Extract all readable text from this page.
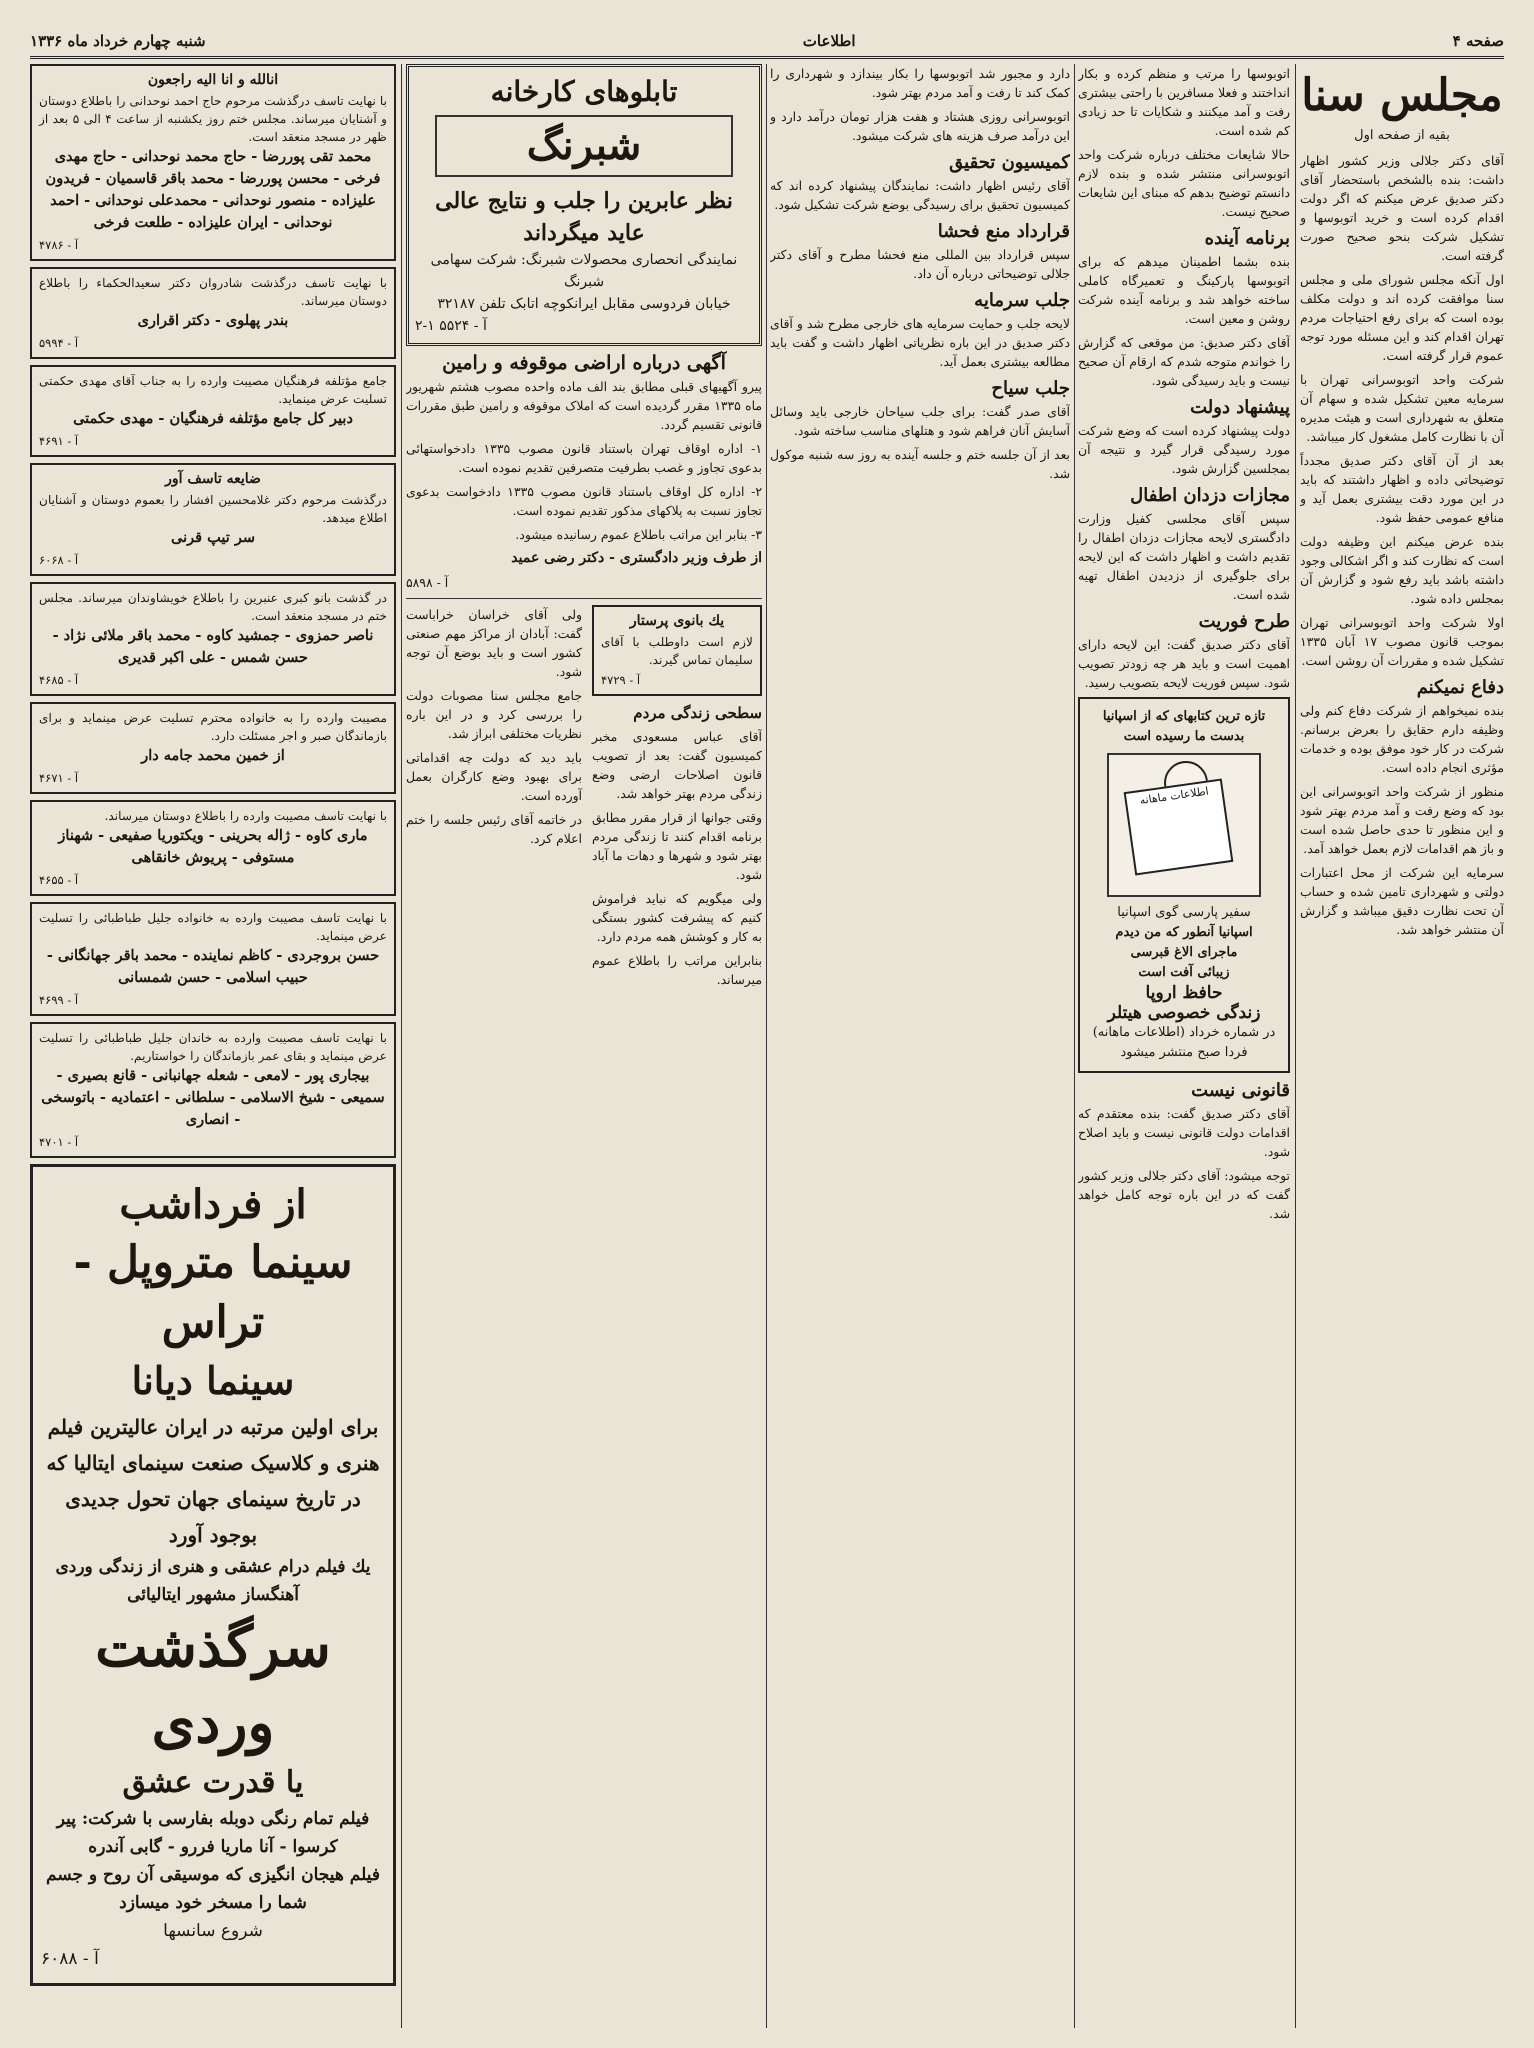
صفحه ۴
اطلاعات
شنبه چهارم خرداد ماه ۱۳۳۶
مجلس سنا
بقیه از صفحه اول

آقای دکتر جلالی وزیر کشور اظهار داشت: بنده بالشخص باستحضار آقای دکتر صدیق عرض میکنم که اگر دولت اقدام کرده است و خرید اتوبوسها و تشکیل شرکت بنحو صحیح صورت گرفته است.

اول آنکه مجلس شورای ملی و مجلس سنا موافقت کرده اند و دولت مکلف بوده است که برای رفع احتیاجات مردم تهران اقدام کند و این مسئله مورد توجه عموم قرار گرفته است.

شرکت واحد اتوبوسرانی تهران با سرمایه معین تشکیل شده و سهام آن متعلق به شهرداری است و هیئت مدیره آن با نظارت کامل مشغول کار میباشد.

بعد از آن آقای دکتر صدیق مجدداً توضیحاتی داده و اظهار داشتند که باید در این مورد دقت بیشتری بعمل آید و منافع عمومی حفظ شود.

بنده عرض میکنم این وظیفه دولت است که نظارت کند و اگر اشکالی وجود داشته باشد باید رفع شود و گزارش آن بمجلس داده شود.

اولا شرکت واحد اتوبوسرانی تهران بموجب قانون مصوب ۱۷ آبان ۱۳۳۵ تشکیل شده و مقررات آن روشن است.

دفاع نمیکنم

بنده نمیخواهم از شرکت دفاع کنم ولی وظیفه دارم حقایق را بعرض برسانم. شرکت در کار خود موفق بوده و خدمات مؤثری انجام داده است.

منظور از شرکت واحد اتوبوسرانی این بود که وضع رفت و آمد مردم بهتر شود و این منظور تا حدی حاصل شده است و باز هم اقدامات لازم بعمل خواهد آمد.

سرمایه این شرکت از محل اعتبارات دولتی و شهرداری تامین شده و حساب آن تحت نظارت دقیق میباشد و گزارش آن منتشر خواهد شد.

اتوبوسها را مرتب و منظم کرده و بکار انداختند و فعلا مسافرین با راحتی بیشتری رفت و آمد میکنند و شکایات تا حد زیادی کم شده است.

حالا شایعات مختلف درباره شرکت واحد اتوبوسرانی منتشر شده و بنده لازم دانستم توضیح بدهم که مبنای این شایعات صحیح نیست.

برنامه آینده

بنده بشما اطمینان میدهم که برای اتوبوسها پارکینگ و تعمیرگاه کاملی ساخته خواهد شد و برنامه آینده شرکت روشن و معین است.

آقای دکتر صدیق: من موقعی که گزارش را خواندم متوجه شدم که ارقام آن صحیح نیست و باید رسیدگی شود.

پیشنهاد دولت

دولت پیشنهاد کرده است که وضع شرکت مورد رسیدگی قرار گیرد و نتیجه آن بمجلسین گزارش شود.

مجازات دزدان اطفال

سپس آقای مجلسی کفیل وزارت دادگستری لایحه مجازات دزدان اطفال را تقدیم داشت و اظهار داشت که این لایحه برای جلوگیری از دزدیدن اطفال تهیه شده است.

طرح فوریت

آقای دکتر صدیق گفت: این لایحه دارای اهمیت است و باید هر چه زودتر تصویب شود. سپس فوریت لایحه بتصویب رسید.

تازه ترین کتابهای که از اسپانیا بدست ما رسیده است
اطلاعات ماهانه
سفیر پارسی گوی اسپانیا
اسپانیا آنطور که من دیدم
ماجرای الاغ قبرسی
زیبائی آفت است
حافظ اروپا
زندگی خصوصی هیتلر
در شماره خرداد (اطلاعات ماهانه) فردا صبح منتشر میشود
قانونی نیست

آقای دکتر صدیق گفت: بنده معتقدم که اقدامات دولت قانونی نیست و باید اصلاح شود.

توجه میشود: آقای دکتر جلالی وزیر کشور گفت که در این باره توجه کامل خواهد شد.

دارد و مجبور شد اتوبوسها را بکار بیندازد و شهرداری را کمک کند تا رفت و آمد مردم بهتر شود.

اتوبوسرانی روزی هشتاد و هفت هزار تومان درآمد دارد و این درآمد صرف هزینه های شرکت میشود.

کمیسیون تحقیق

آقای رئیس اظهار داشت: نمایندگان پیشنهاد کرده اند که کمیسیون تحقیق برای رسیدگی بوضع شرکت تشکیل شود.

قرارداد منع فحشا

سپس قرارداد بین المللی منع فحشا مطرح و آقای دکتر جلالی توضیحاتی درباره آن داد.

جلب سرمایه

لایحه جلب و حمایت سرمایه های خارجی مطرح شد و آقای دکتر صدیق در این باره نظریاتی اظهار داشت و گفت باید مطالعه بیشتری بعمل آید.

جلب سیاح

آقای صدر گفت: برای جلب سیاحان خارجی باید وسائل آسایش آنان فراهم شود و هتلهای مناسب ساخته شود.

بعد از آن جلسه ختم و جلسه آینده به روز سه شنبه موکول شد.

تابلوهای کارخانه
شبرنگ
نظر عابرین را جلب و نتایج عالی عاید میگرداند
نمایندگی انحصاری محصولات شبرنگ: شرکت سهامی شبرنگ
خیابان فردوسی مقابل ایرانکوچه اتابک تلفن ۳۲۱۸۷
آ - ۵۵۲۴ ۱-۲
آگهی درباره اراضی موقوفه و رامین

پیرو آگهیهای قبلی مطابق بند الف ماده واحده مصوب هشتم شهریور ماه ۱۳۳۵ مقرر گردیده است که املاک موقوفه و رامین طبق مقررات قانونی تقسیم گردد.

۱- اداره اوقاف تهران باستناد قانون مصوب ۱۳۳۵ دادخواستهائی بدعوی تجاوز و غصب بطرفیت متصرفین تقدیم نموده است.

۲- اداره کل اوقاف باستناد قانون مصوب ۱۳۳۵ دادخواست بدعوی تجاوز نسبت به پلاکهای مذکور تقدیم نموده است.

۳- بنابر این مراتب باطلاع عموم رسانیده میشود.

از طرف وزیر دادگستری - دکتر رضی عمید

آ - ۵۸۹۸

یك بانوی پرستار
لازم است داوطلب با آقای سلیمان تماس گیرند.
آ - ۴۷۲۹
سطحی زندگی مردم

آقای عباس مسعودی مخبر کمیسیون گفت: بعد از تصویب قانون اصلاحات ارضی وضع زندگی مردم بهتر خواهد شد.

وقتی جوانها از قرار مقرر مطابق برنامه اقدام کنند تا زندگی مردم بهتر شود و شهرها و دهات ما آباد شود.

ولی میگویم که نباید فراموش کنیم که پیشرفت کشور بستگی به کار و کوشش همه مردم دارد.

بنابراین مراتب را باطلاع عموم میرساند.

ولی آقای خراسان خراباست گفت: آبادان از مراکز مهم صنعتی کشور است و باید بوضع آن توجه شود.

جامع مجلس سنا مصوبات دولت را بررسی کرد و در این باره نظریات مختلفی ابراز شد.

باید دید که دولت چه اقداماتی برای بهبود وضع کارگران بعمل آورده است.

در خاتمه آقای رئیس جلسه را ختم اعلام کرد.

انالله و انا الیه راجعون
با نهایت تاسف درگذشت مرحوم حاج احمد نوحدانی را باطلاع دوستان و آشنایان میرساند. مجلس ختم روز یکشنبه از ساعت ۴ الی ۵ بعد از ظهر در مسجد منعقد است.
محمد تقی پوررضا - حاج محمد نوحدانی - حاج مهدی فرخی - محسن پوررضا - محمد باقر قاسمیان - فریدون علیزاده - منصور نوحدانی - محمدعلی نوحدانی - احمد نوحدانی - ایران علیزاده - طلعت فرخی
آ - ۴۷۸۶
با نهایت تاسف درگذشت شادروان دکتر سعیدالحکماء را باطلاع دوستان میرساند.
بندر پهلوی - دکتر اقراری
آ - ۵۹۹۴
جامع مؤتلفه فرهنگیان مصیبت وارده را به جناب آقای مهدی حکمتی تسلیت عرض مینماید.
دبیر کل جامع مؤتلفه فرهنگیان - مهدی حکمتی
آ - ۴۶۹۱
ضایعه تاسف آور
درگذشت مرحوم دکتر غلامحسین افشار را بعموم دوستان و آشنایان اطلاع میدهد.
سر تیپ قرنی
آ - ۶۰۶۸
در گذشت بانو کبری عنبرین را باطلاع خویشاوندان میرساند. مجلس ختم در مسجد منعقد است.
ناصر حمزوی - جمشید کاوه - محمد باقر ملائی نژاد - حسن شمس - علی اکبر قدیری
آ - ۴۶۸۵
مصیبت وارده را به خانواده محترم تسلیت عرض مینماید و برای بازماندگان صبر و اجر مسئلت دارد.
از خمین محمد جامه دار
آ - ۴۶۷۱
با نهایت تاسف مصیبت وارده را باطلاع دوستان میرساند.
ماری کاوه - ژاله بحرینی - ویکتوریا صفیعی - شهناز مستوفی - پریوش خانقاهی
آ - ۴۶۵۵
با نهایت تاسف مصیبت وارده به خانواده جلیل طباطبائی را تسلیت عرض مینماید.
حسن بروجردی - کاظم نماینده - محمد باقر جهانگانی - حبیب اسلامی - حسن شمسانی
آ - ۴۶۹۹
با نهایت تاسف مصیبت وارده به خاندان جلیل طباطبائی را تسلیت عرض مینماید و بقای عمر بازماندگان را خواستاریم.
بیجاری پور - لامعی - شعله جهانبانی - قانع بصیری - سمیعی - شیخ الاسلامی - سلطانی - اعتمادیه - باتوسخی - انصاری
آ - ۴۷۰۱
از فرداشب
سینما متروپل - تراس
سینما دیانا
برای اولین مرتبه در ایران عالیترین فیلم هنری و کلاسیک صنعت سینمای ایتالیا که در تاریخ سینمای جهان تحول جدیدی بوجود آورد
یك فیلم درام عشقی و هنری از زندگی وردی آهنگساز مشهور ایتالیائی
سرگذشت وردی
یا قدرت عشق
فیلم تمام رنگی دوبله بفارسی با شرکت: پیر کرسوا - آنا ماریا فررو - گابی آندره
فیلم هیجان انگیزی که موسیقی آن روح و جسم شما را مسخر خود میسازد
شروع سانسها
آ - ۶۰۸۸
